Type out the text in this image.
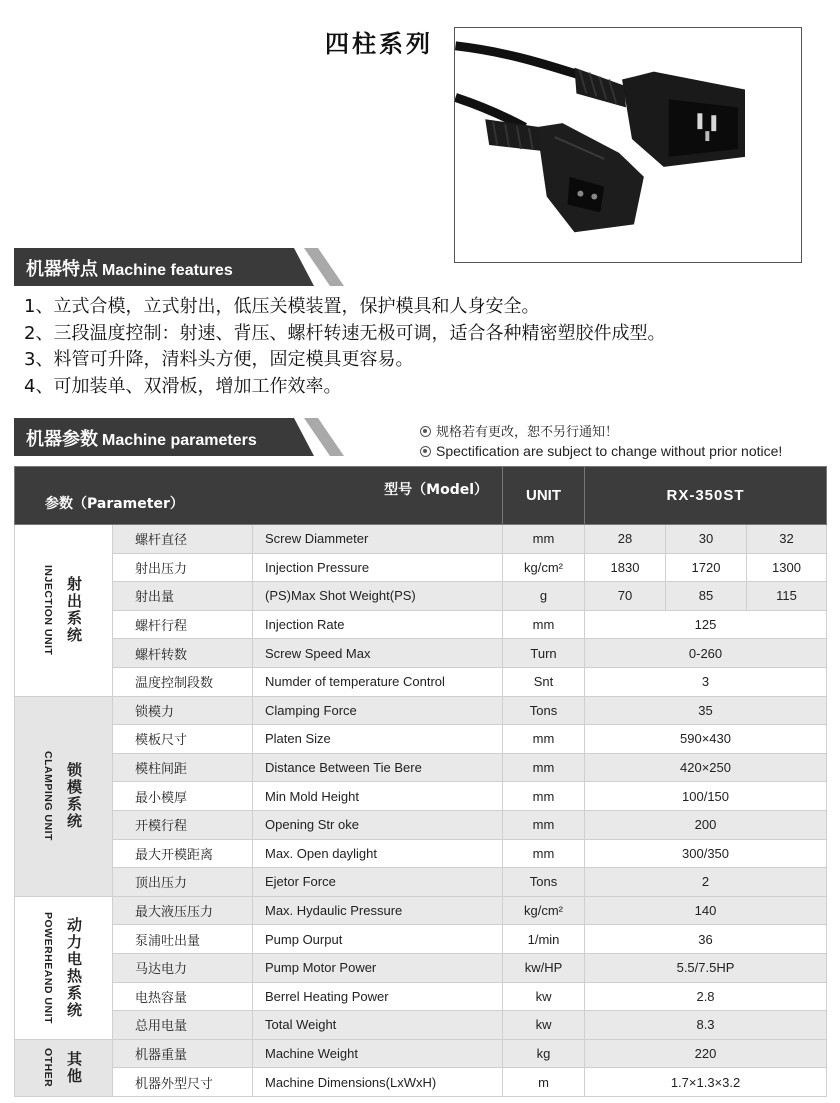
四柱系列
机器特点 Machine features
1、立式合模，立式射出，低压关模装置，保护模具和人身安全。
2、三段温度控制：射速、背压、螺杆转速无极可调，适合各种精密塑胶件成型。
3、料管可升降，清料头方便，固定模具更容易。
4、可加装单、双滑板，增加工作效率。
机器参数 Machine parameters	规格若有更改，恕不另行通知！
Spectification are subject to change without prior notice!
型号（Model）
参数（Parameter）			UNIT	RX-350ST		

INJECTION UNIT 射出系统	螺杆直径	Screw Diammeter	mm	28	30	32
	射出压力	Injection Pressure	kg/cm²	1830	1720	1300
	射出量	(PS)Max Shot Weight(PS)	g	70	85	115
	螺杆行程	Injection Rate	mm	125		
	螺杆转数	Screw Speed Max	Turn	0-260		
	温度控制段数	Numder of temperature Control	Snt	3		

CLAMPING UNIT 锁模系统	锁模力	Clamping Force	Tons	35		
	模板尺寸	Platen Size	mm	590×430		
	模柱间距	Distance Between Tie Bere	mm	420×250		
	最小模厚	Min Mold Height	mm	100/150		
	开模行程	Opening Str oke	mm	200		
	最大开模距离	Max. Open daylight	mm	300/350		
	顶出压力	Ejetor Force	Tons	2		

POWERHEAND UNIT 动力电热系统	最大液压压力	Max. Hydaulic Pressure	kg/cm²	140		
	泵浦吐出量	Pump Ourput	1/min	36		
	马达电力	Pump Motor Power	kw/HP	5.5/7.5HP		
	电热容量	Berrel Heating Power	kw	2.8		
	总用电量	Total Weight	kw	8.3		

OTHER 其他	机器重量	Machine Weight	kg	220		
	机器外型尺寸	Machine Dimensions(LxWxH)	m	1.7×1.3×3.2		
